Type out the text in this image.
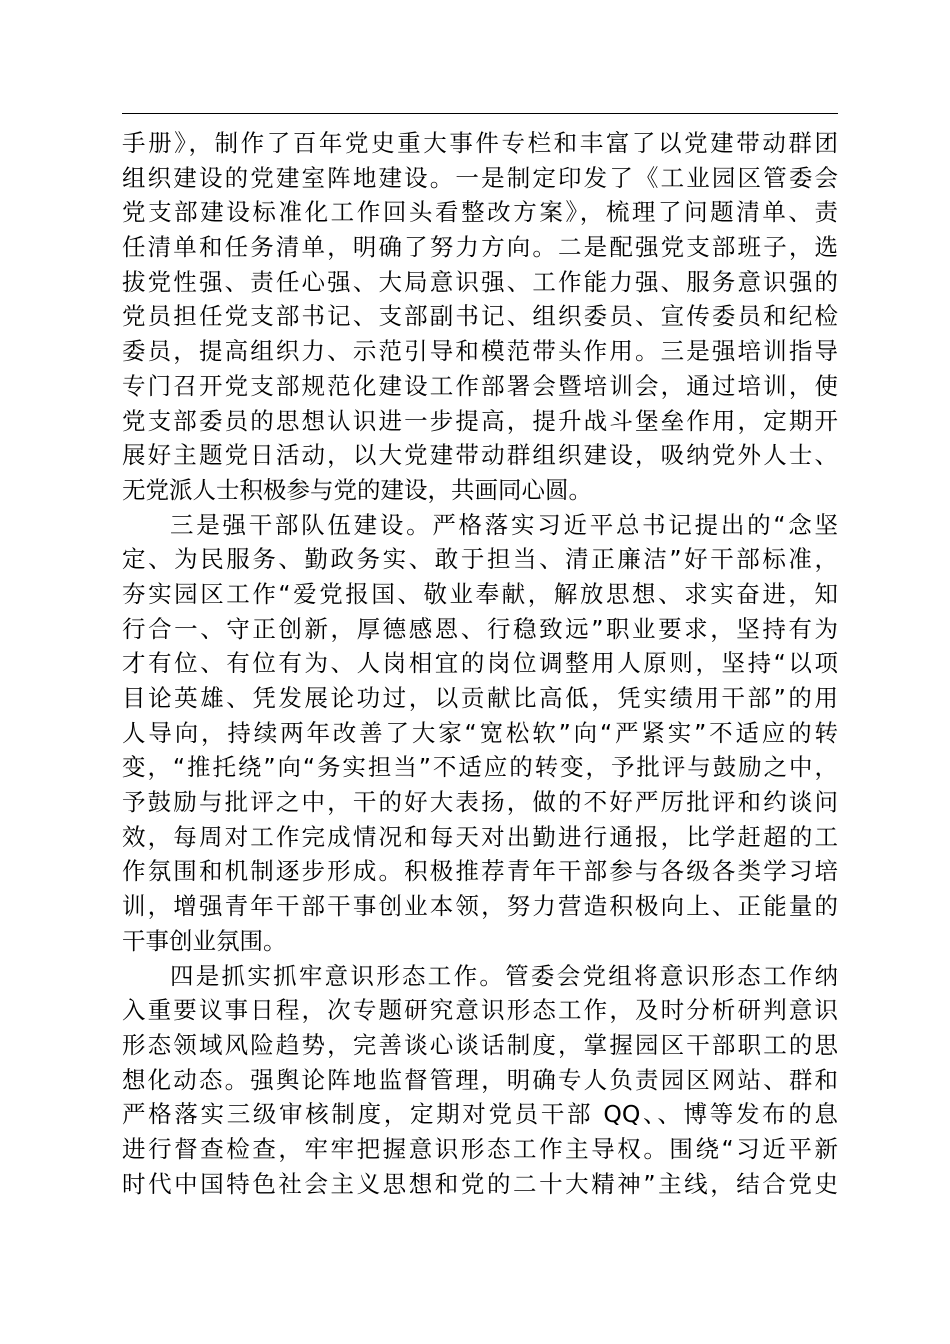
手册》，制作了百年党史重大事件专栏和丰富了以党建带动群团
组织建设的党建室阵地建设。一是制定印发了《工业园区管委会
党支部建设标准化工作回头看整改方案》，梳理了问题清单、责
任清单和任务清单，明确了努力方向。二是配强党支部班子，选
拔党性强、责任心强、大局意识强、工作能力强、服务意识强的
党员担任党支部书记、支部副书记、组织委员、宣传委员和纪检
委员，提高组织力、示范引导和模范带头作用。三是强培训指导
专门召开党支部规范化建设工作部署会暨培训会，通过培训，使
党支部委员的思想认识进一步提高，提升战斗堡垒作用，定期开
展好主题党日活动，以大党建带动群组织建设，吸纳党外人士、
无党派人士积极参与党的建设，共画同心圆。
三是强干部队伍建设。严格落实习近平总书记提出的“念坚
定、为民服务、勤政务实、敢于担当、清正廉洁”好干部标准，
夯实园区工作“爱党报国、敬业奉献，解放思想、求实奋进，知
行合一、守正创新，厚德感恩、行稳致远”职业要求，坚持有为
才有位、有位有为、人岗相宜的岗位调整用人原则，坚持“以项
目论英雄、凭发展论功过，以贡献比高低，凭实绩用干部”的用
人导向，持续两年改善了大家“宽松软”向“严紧实”不适应的转
变，“推托绕”向“务实担当”不适应的转变，予批评与鼓励之中，
予鼓励与批评之中，干的好大表扬，做的不好严厉批评和约谈问
效，每周对工作完成情况和每天对出勤进行通报，比学赶超的工
作氛围和机制逐步形成。积极推荐青年干部参与各级各类学习培
训，增强青年干部干事创业本领，努力营造积极向上、正能量的
干事创业氛围。
四是抓实抓牢意识形态工作。管委会党组将意识形态工作纳
入重要议事日程，次专题研究意识形态工作，及时分析研判意识
形态领域风险趋势，完善谈心谈话制度，掌握园区干部职工的思
想化动态。强舆论阵地监督管理，明确专人负责园区网站、群和
严格落实三级审核制度，定期对党员干部 QQ、、博等发布的息
进行督查检查，牢牢把握意识形态工作主导权。围绕“习近平新
时代中国特色社会主义思想和党的二十大精神”主线，结合党史
